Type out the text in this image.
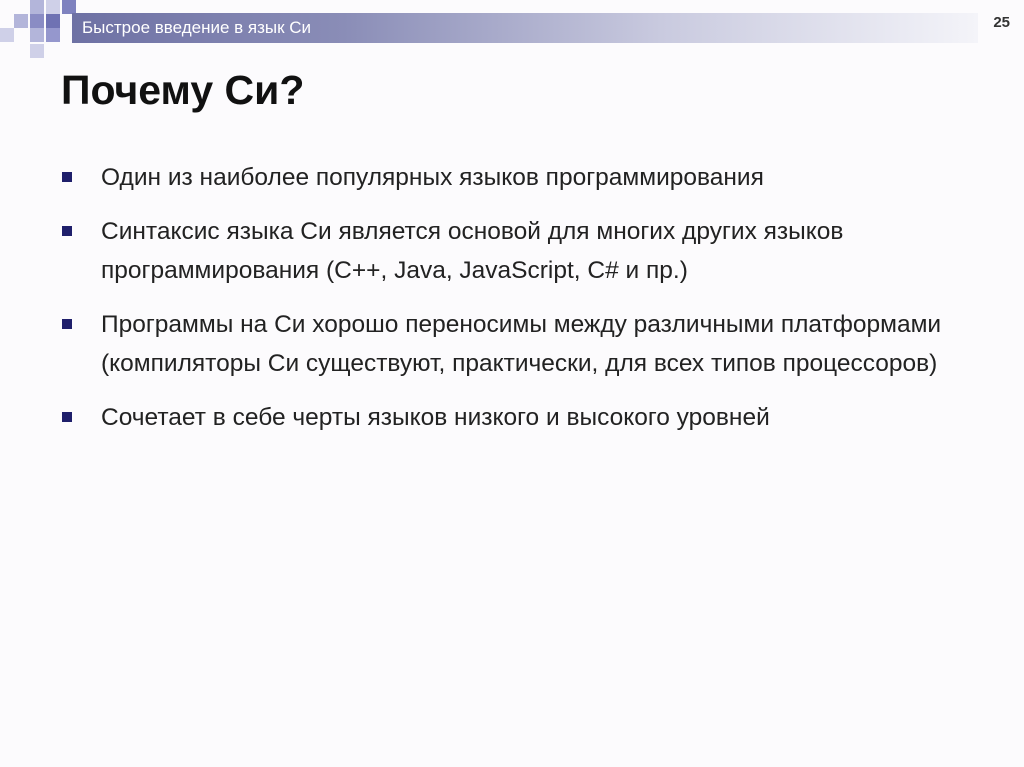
Быстрое введение в язык Си	25
Почему Си?
Один из наиболее популярных языков программирования
Синтаксис языка Си является основой для многих других языков программирования (C++, Java, JavaScript, C# и пр.)
Программы на Си хорошо переносимы между различными платформами (компиляторы Си существуют, практически, для всех типов процессоров)
Сочетает в себе черты языков низкого и высокого уровней
